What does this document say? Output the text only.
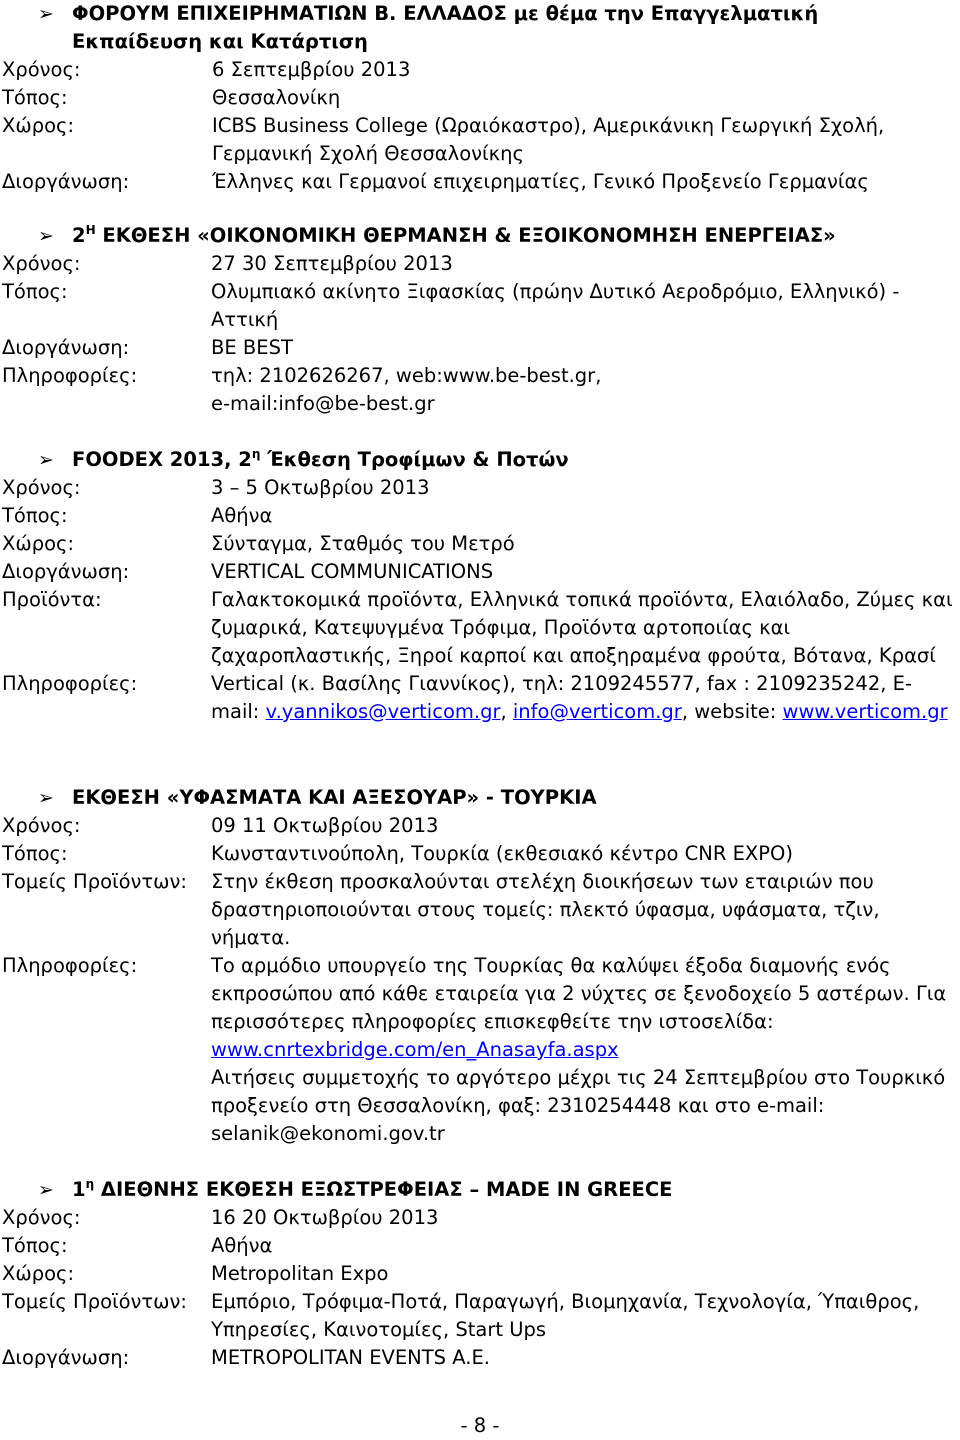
➢ ΦΟΡΟΥΜ ΕΠΙΧΕΙΡΗΜΑΤΙΩΝ Β. ΕΛΛΑΔΟΣ με θέμα την Επαγγελματική Εκπαίδευση και Κατάρτιση
Χρόνος:	6 Σεπτεμβρίου 2013
Τόπος:	Θεσσαλονίκη
Χώρος:	ICBS Business College (Ωραιόκαστρο), Αμερικάνικη Γεωργική Σχολή, Γερμανική Σχολή Θεσσαλονίκης
Διοργάνωση:	Έλληνες και Γερμανοί επιχειρηματίες, Γενικό Προξενείο Γερμανίας
➢ $2^H$ ΕΚΘΕΣΗ «ΟΙΚΟΝΟΜΙΚΗ ΘΕΡΜΑΝΣΗ & ΕΞΟΙΚΟΝΟΜΗΣΗ ΕΝΕΡΓΕΙΑΣ»
Χρόνος:	27 30 Σεπτεμβρίου 2013
Τόπος:	Ολυμπιακό ακίνητο Ξιφασκίας (πρώην Δυτικό Αεροδρόμιο, Ελληνικό) - Αττική
Διοργάνωση:	BE BEST
Πληροφορίες:	τηλ: 2102626267, web:www.be-best.gr,
e-mail:info@be-best.gr
➢ FOODEX 2013, $2^\eta$ Έκθεση Τροφίμων & Ποτών
Χρόνος:	3 – 5 Οκτωβρίου 2013
Τόπος:	Αθήνα
Χώρος:	Σύνταγμα, Σταθμός του Μετρό
Διοργάνωση:	VERTICAL COMMUNICATIONS
Προϊόντα:	Γαλακτοκομικά προϊόντα, Ελληνικά τοπικά προϊόντα, Ελαιόλαδο, Ζύμες και ζυμαρικά, Κατεψυγμένα Τρόφιμα, Προϊόντα αρτοποιίας και ζαχαροπλαστικής, Ξηροί καρποί και αποξηραμένα φρούτα, Βότανα, Κρασί
Πληροφορίες:	Vertical (κ. Βασίλης Γιαννίκος), τηλ: 2109245577, fax : 2109235242, E-mail: v.yannikos@verticom.gr, info@verticom.gr, website: www.verticom.gr
➢ ΕΚΘΕΣΗ «ΥΦΑΣΜΑΤΑ ΚΑΙ ΑΞΕΣΟΥΑΡ» - ΤΟΥΡΚΙΑ
Χρόνος:	09 11 Οκτωβρίου 2013
Τόπος:	Κωνσταντινούπολη, Τουρκία (εκθεσιακό κέντρο CNR EXPO)
Τομείς Προϊόντων: Στην έκθεση προσκαλούνται στελέχη διοικήσεων των εταιριών που δραστηριοποιούνται στους τομείς: πλεκτό ύφασμα, υφάσματα, τζιν, νήματα.
Πληροφορίες:	Το αρμόδιο υπουργείο της Τουρκίας θα καλύψει έξοδα διαμονής ενός εκπροσώπου από κάθε εταιρεία για 2 νύχτες σε ξενοδοχείο 5 αστέρων. Για περισσότερες πληροφορίες επισκεφθείτε την ιστοσελίδα:
www.cnrtexbridge.com/en_Anasayfa.aspx
Αιτήσεις συμμετοχής το αργότερο μέχρι τις 24 Σεπτεμβρίου στο Τουρκικό προξενείο στη Θεσσαλονίκη, φαξ: 2310254448 και στο e-mail: selanik@ekonomi.gov.tr
➢ $1^\eta$ ΔΙΕΘΝΗΣ ΕΚΘΕΣΗ ΕΞΩΣΤΡΕΦΕΙΑΣ – MADE IN GREECE
Χρόνος:	16 20 Οκτωβρίου 2013
Τόπος:	Αθήνα
Χώρος:	Metropolitan Expo
Τομείς Προϊόντων: Εμπόριο, Τρόφιμα-Ποτά, Παραγωγή, Βιομηχανία, Τεχνολογία, Ύπαιθρος, Υπηρεσίες, Καινοτομίες, Start Ups
Διοργάνωση:	METROPOLITAN EVENTS A.E.
- 8 -
